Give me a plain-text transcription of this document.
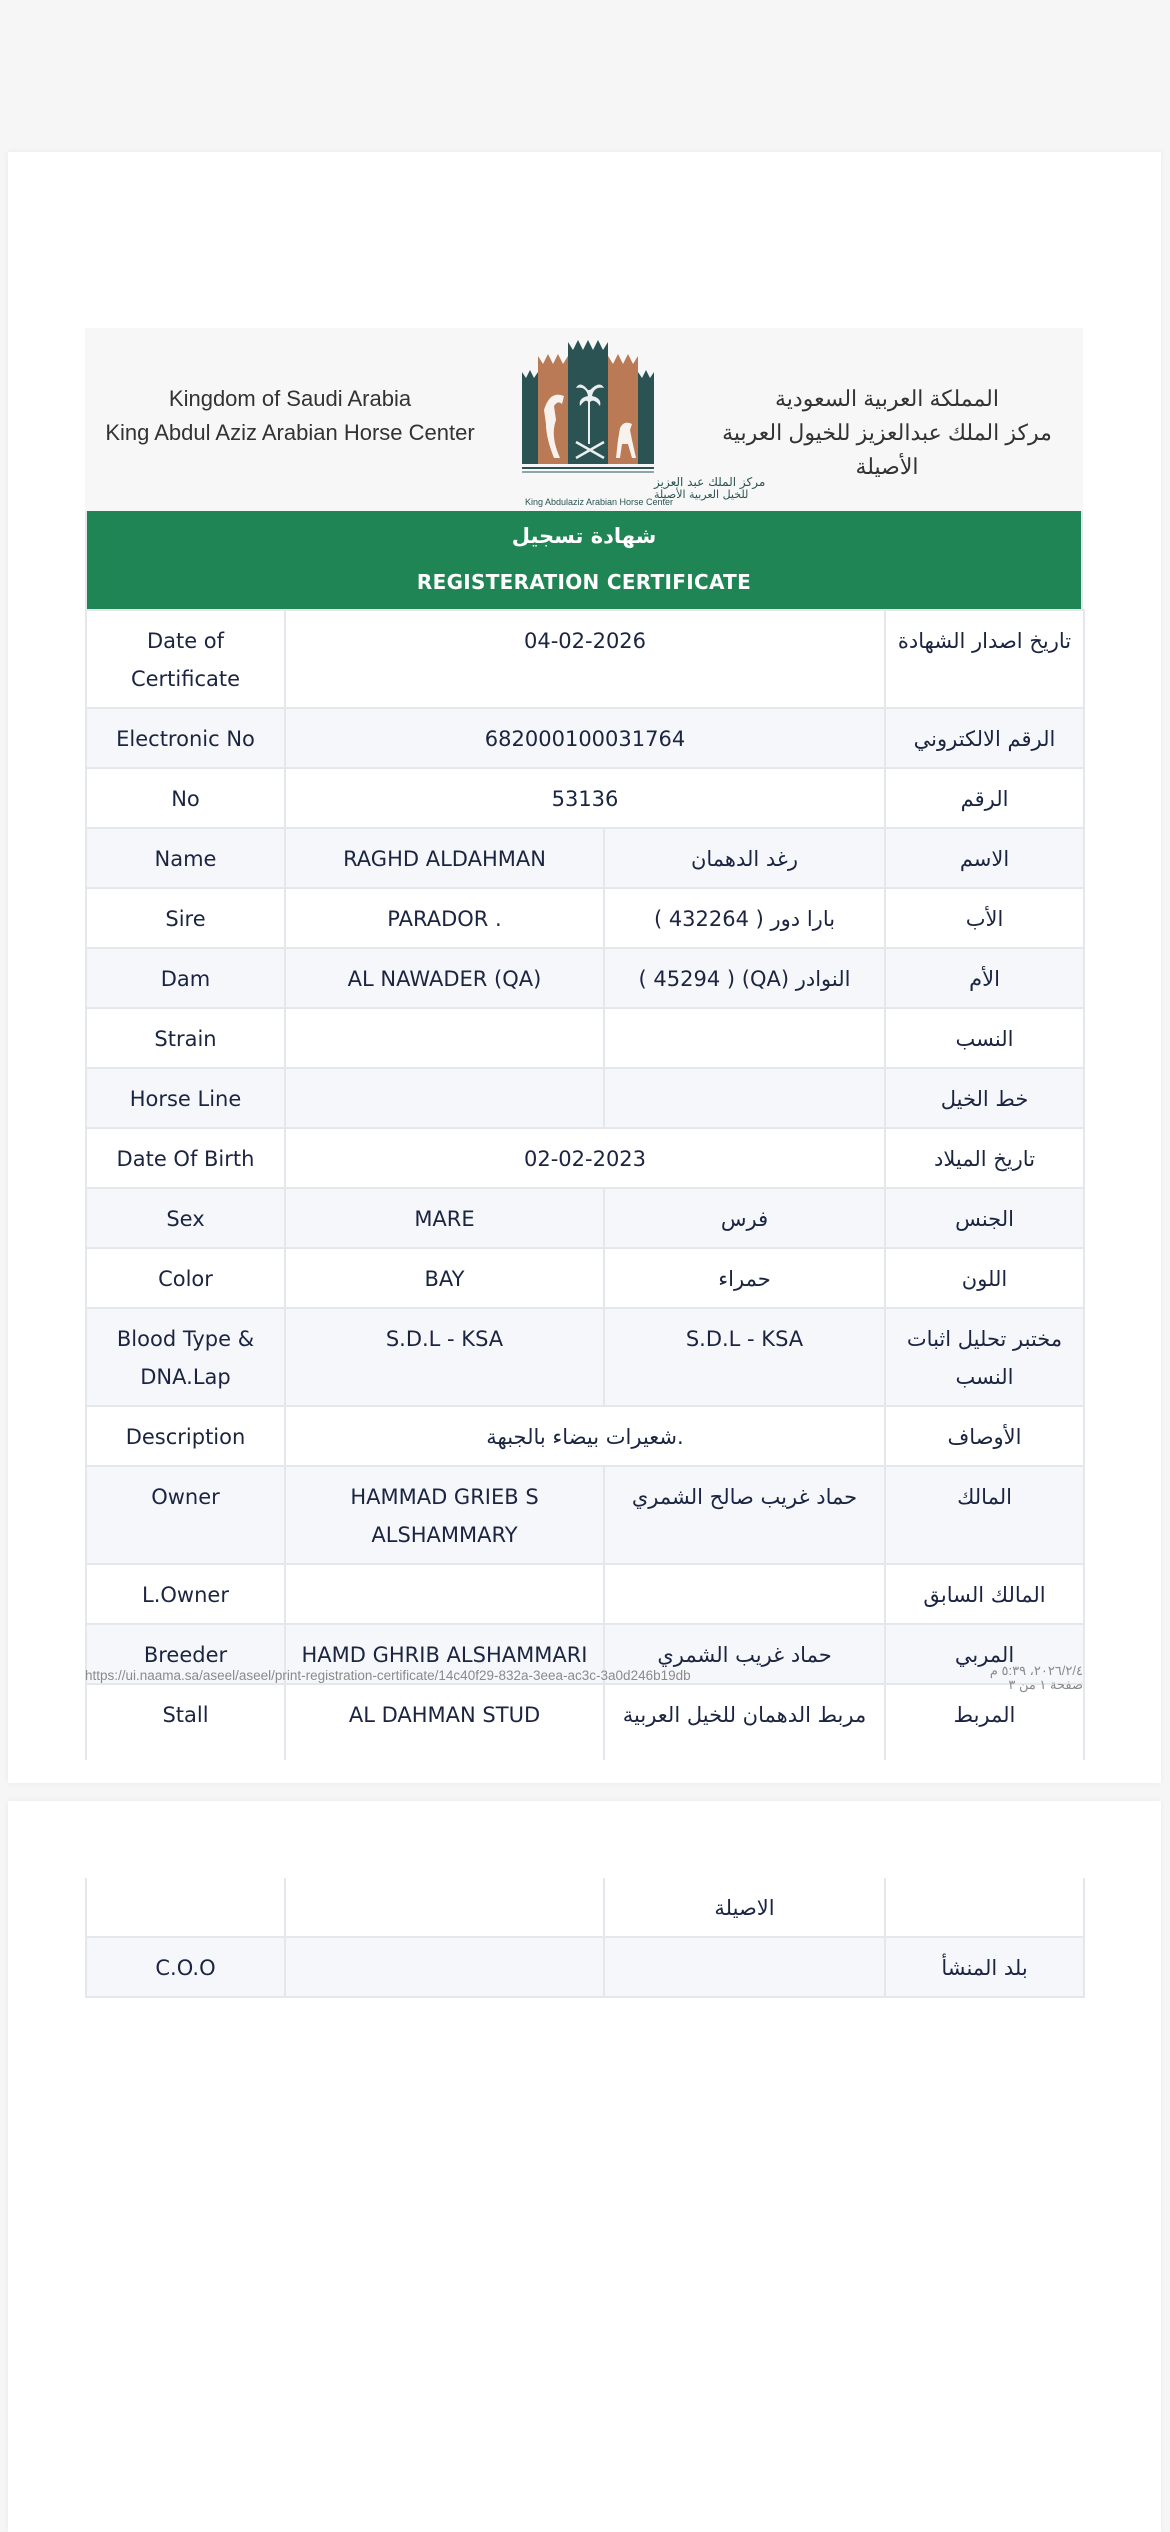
Kingdom of Saudi Arabia
King Abdul Aziz Arabian Horse Center
مركز الملك عبد العزيز
للخيل العربية الأصيلة
King Abdulaziz Arabian Horse Center
المملكة العربية السعودية
مركز الملك عبدالعزيز للخيول العربية الأصيلة
شهادة تسجيل
REGISTERATION CERTIFICATE
Date of Certificate	04-02-2026	تاريخ اصدار الشهادة
Electronic No	682000100031764	الرقم الالكتروني
No	53136	الرقم
Name	RAGHD ALDAHMAN	رغد الدهمان	الاسم
Sire	PARADOR .	بارا دور ( 432264 )	الأب
Dam	AL NAWADER (QA)	النوادر (QA) ( 45294 )	الأم
Strain			النسب
Horse Line			خط الخيل
Date Of Birth	02-02-2023	تاريخ الميلاد
Sex	MARE	فرس	الجنس
Color	BAY	حمراء	اللون
Blood Type & DNA.Lap	S.D.L - KSA	S.D.L - KSA	مختبر تحليل اثبات النسب
Description	شعيرات بيضاء بالجبهة.	الأوصاف
Owner	HAMMAD GRIEB S ALSHAMMARY	حماد غريب صالح الشمري	المالك
L.Owner			المالك السابق
Breeder	HAMD GHRIB ALSHAMMARI	حماد غريب الشمري	المربي
Stall	AL DAHMAN STUD	مربط الدهمان للخيل العربية	المربط
https://ui.naama.sa/aseel/aseel/print-registration-certificate/14c40f29-832a-3eea-ac3c-3a0d246b19db	٢٠٢٦/٢/٤، ٥:٣٩ م
صفحة ١ من ٣
		الاصيلة	
C.O.O			بلد المنشأ
